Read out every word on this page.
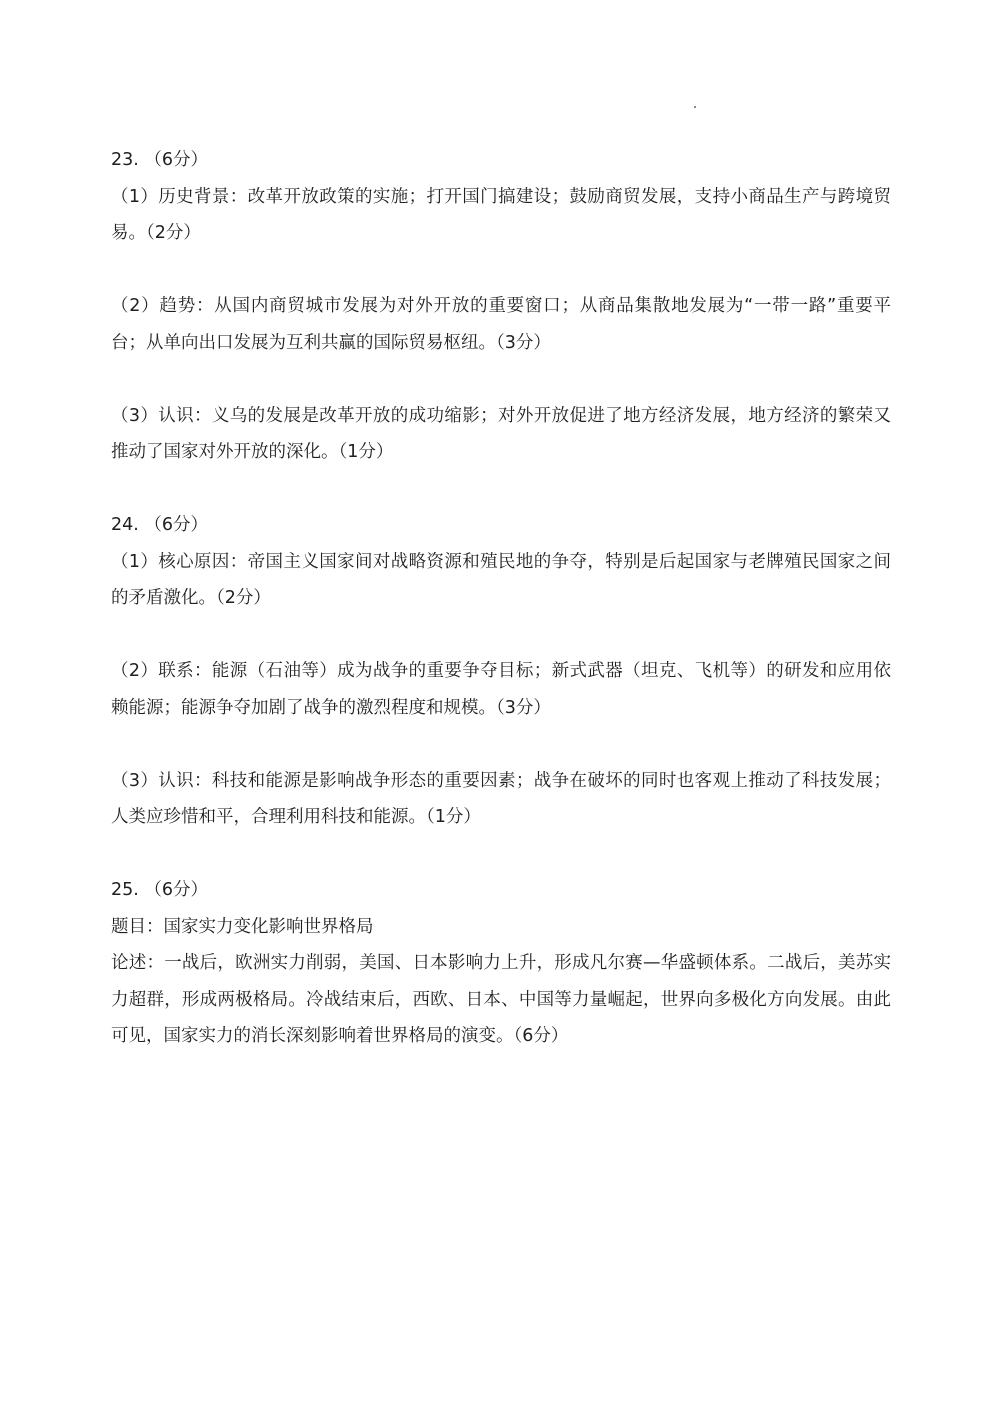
23. （6分）

（1）历史背景：改革开放政策的实施；打开国门搞建设；鼓励商贸发展，支持小商品生产与跨境贸易。（2分）

（2）趋势：从国内商贸城市发展为对外开放的重要窗口；从商品集散地发展为“一带一路”重要平台；从单向出口发展为互利共赢的国际贸易枢纽。（3分）

（3）认识：义乌的发展是改革开放的成功缩影；对外开放促进了地方经济发展，地方经济的繁荣又推动了国家对外开放的深化。（1分）

24. （6分）

（1）核心原因：帝国主义国家间对战略资源和殖民地的争夺，特别是后起国家与老牌殖民国家之间的矛盾激化。（2分）

（2）联系：能源（石油等）成为战争的重要争夺目标；新式武器（坦克、飞机等）的研发和应用依赖能源；能源争夺加剧了战争的激烈程度和规模。（3分）

（3）认识：科技和能源是影响战争形态的重要因素；战争在破坏的同时也客观上推动了科技发展；人类应珍惜和平，合理利用科技和能源。（1分）

25. （6分）

题目：国家实力变化影响世界格局

论述：一战后，欧洲实力削弱，美国、日本影响力上升，形成凡尔赛—华盛顿体系。二战后，美苏实力超群，形成两极格局。冷战结束后，西欧、日本、中国等力量崛起，世界向多极化方向发展。由此可见，国家实力的消长深刻影响着世界格局的演变。（6分）
